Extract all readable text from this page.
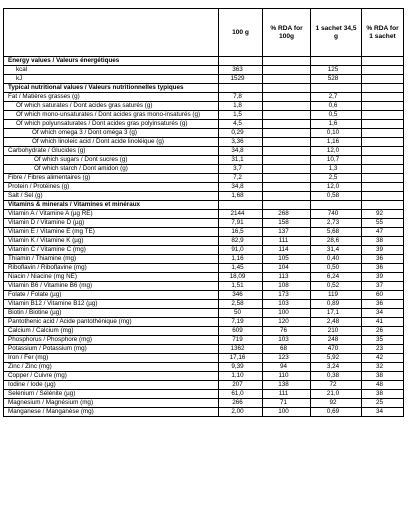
	100 g	% RDA for 100g	1 sachet 34,5 g	% RDA for 1 sachet
Energy values / Valeurs énergétiques				
kcal	363		125	
kJ	1529		528	
Typical nutritional values / Valeurs nutritionnelles typiques				
Fat / Matières grasses (g)	7,8		2,7	
Of which saturates / Dont acides gras saturés (g)	1,8		0,6	
Of which mono-unsaturates / Dont acides gras mono-insaturés (g)	1,5		0,5	
Of which polyunsaturates / Dont acides gras polyinsaturés (g)	4,5		1,6	
Of which omega 3 / Dont oméga 3 (g)	0,29		0,10	
Of which linoleic acid / Dont acide linoléique (g)	3,36		1,16	
Carbohydrate / Glucides (g)	34,8		12,0	
Of which sugars / Dont sucres (g)	31,1		10,7	
Of which starch / Dont amidon (g)	3,7		1,3	
Fibre / Fibres alimentaires (g)	7,2		2,5	
Protein / Protéines (g)	34,8		12,0	
Salt / Sel (g)	1,68		0,58	
Vitamins & minerals / Vitamines et minéraux				
Vitamin A / Vitamine A (µg RE)	2144	268	740	92
Vitamin D / Vitamine D (µg)	7,91	158	2,73	55
Vitamin E / Vitamine E (mg TE)	16,5	137	5,68	47
Vitamin K / Vitamine K (µg)	82,9	111	28,6	38
Vitamin C / Vitamine C (mg)	91,0	114	31,4	39
Thiamin / Thiamine (mg)	1,16	105	0,40	36
Riboflavin / Riboflavine (mg)	1,45	104	0,50	36
Niacin / Niacine (mg NE)	18,09	113	6,24	39
Vitamin B6 / Vitamine B6 (mg)	1,51	108	0,52	37
Folate / Folate (µg)	346	173	119	60
Vitamin B12 / Vitamine B12 (µg)	2,58	103	0,89	36
Biotin / Biotine (µg)	50	100	17,1	34
Pantothenic acid / Acide pantothénique (mg)	7,19	120	2,48	41
Calcium / Calcium (mg)	609	76	210	26
Phosphorus / Phosphore (mg)	719	103	248	35
Potassium / Potassium (mg)	1362	68	470	23
Iron / Fer (mg)	17,16	123	5,92	42
Zinc / Zinc (mg)	9,39	94	3,24	32
Copper / Cuivre (mg)	1,10	110	0,38	38
Iodine / Iode (µg)	207	138	72	48
Selenium / Sélénite (µg)	61,0	111	21,0	38
Magnesium / Magnésium (mg)	266	71	92	25
Manganese / Manganèse (mg)	2,00	100	0,69	34
